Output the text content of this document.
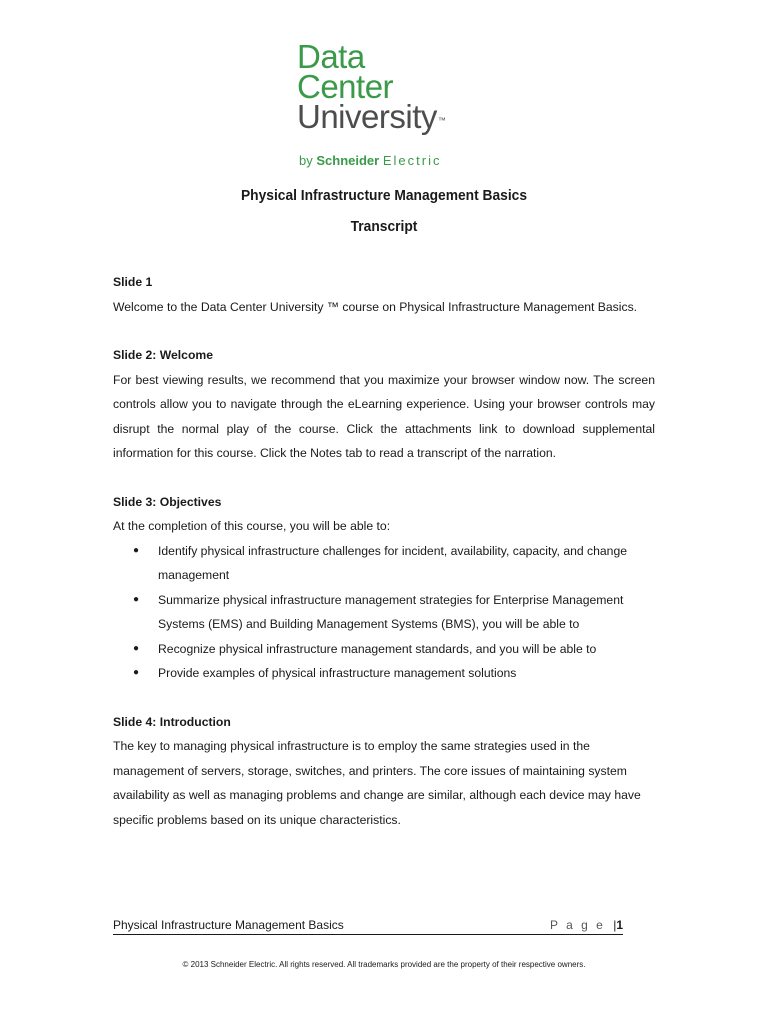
Data
Center
University™
by Schneider Electric
Physical Infrastructure Management Basics
Transcript

Slide 1

Welcome to the Data Center University ™ course on Physical Infrastructure Management Basics.

Slide 2: Welcome

For best viewing results, we recommend that you maximize your browser window now. The screen controls allow you to navigate through the eLearning experience. Using your browser controls may disrupt the normal play of the course. Click the attachments link to download supplemental information for this course. Click the Notes tab to read a transcript of the narration.

Slide 3: Objectives

At the completion of this course, you will be able to:

● Identify physical infrastructure challenges for incident, availability, capacity, and change management
● Summarize physical infrastructure management strategies for Enterprise Management Systems (EMS) and Building Management Systems (BMS), you will be able to
● Recognize physical infrastructure management standards, and you will be able to
● Provide examples of physical infrastructure management solutions

Slide 4: Introduction

The key to managing physical infrastructure is to employ the same strategies used in the management of servers, storage, switches, and printers. The core issues of maintaining system availability as well as managing problems and change are similar, although each device may have specific problems based on its unique characteristics.

Physical Infrastructure Management Basics	P a g e |1
© 2013 Schneider Electric. All rights reserved. All trademarks provided are the property of their respective owners.
